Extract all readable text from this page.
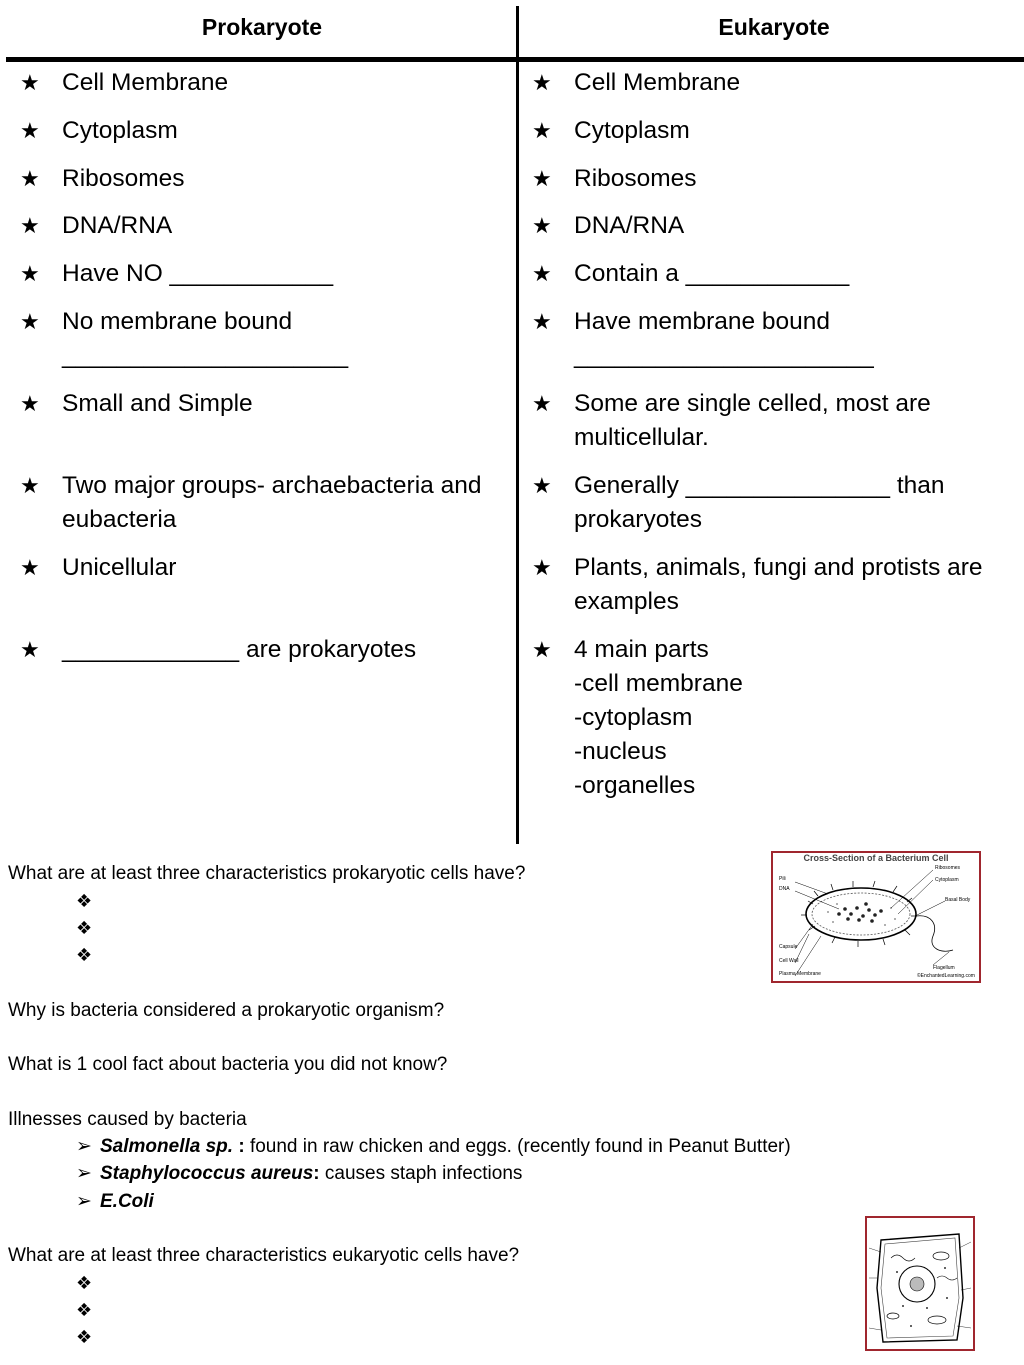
Prokaryote	Eukaryote
★ Cell Membrane
★ Cytoplasm
★ Ribosomes
★ DNA/RNA
★ Have NO ____________
★ No membrane bound
_____________________
★ Small and Simple
★ Two major groups- archaebacteria and eubacteria
★ Unicellular
★ _____________ are prokaryotes
★ Cell Membrane
★ Cytoplasm
★ Ribosomes
★ DNA/RNA
★ Contain a ____________
★ Have membrane bound
______________________
★ Some are single celled, most are multicellular.
★ Generally _______________ than prokaryotes
★ Plants, animals, fungi and protists are examples
★ 4 main parts
-cell membrane
-cytoplasm
-nucleus
-organelles
What are at least three characteristics prokaryotic cells have?
❖
❖
❖
Why is bacteria considered a prokaryotic organism?
What is 1 cool fact about bacteria you did not know?
Illnesses caused by bacteria
➢ Salmonella sp. : found in raw chicken and eggs. (recently found in Peanut Butter)
➢ Staphylococcus aureus: causes staph infections
➢ E.Coli
What are at least three characteristics eukaryotic cells have?
❖
❖
❖
Cross-Section of a Bacterium Cell
Pili
DNA
Capsule
Cell Wall
Plasma Membrane
Ribosomes
Cytoplasm
Basal Body
Flagellum
©EnchantedLearning.com
